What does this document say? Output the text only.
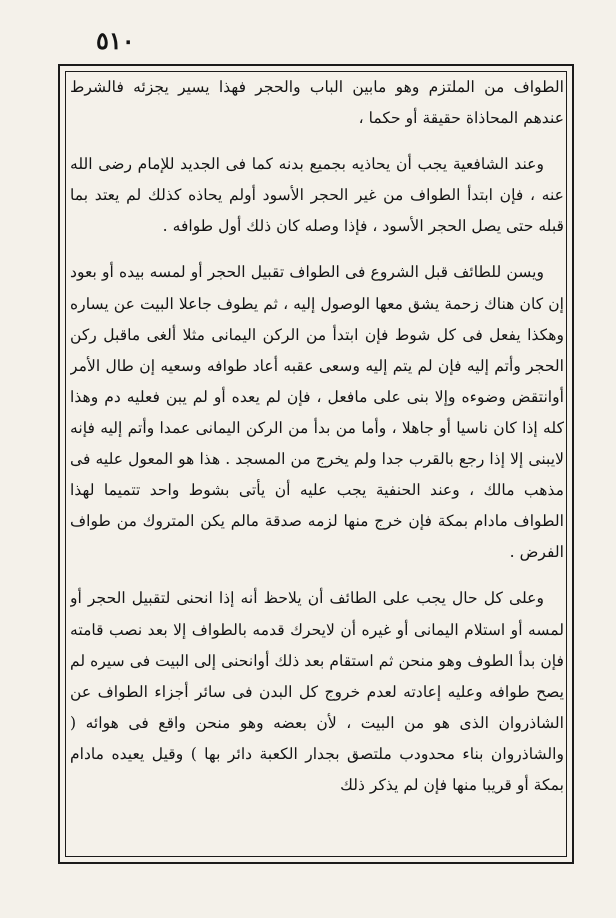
٥١٠

الطواف من الملتزم وهو مابين الباب والحجر فهذا يسير يجزئه فالشرط عندهم المحاذاة حقيقة أو حكما ،

وعند الشافعية يجب أن يحاذيه بجميع بدنه كما فى الجديد للإمام رضى الله عنه ، فإن ابتدأ الطواف من غير الحجر الأسود أولم يحاذه كذلك لم يعتد بما قبله حتى يصل الحجر الأسود ، فإذا وصله كان ذلك أول طوافه .

ويسن للطائف قبل الشروع فى الطواف تقبيل الحجر أو لمسه بيده أو بعود إن كان هناك زحمة يشق معها الوصول إليه ، ثم يطوف جاعلا البيت عن يساره وهكذا يفعل فى كل شوط فإن ابتدأ من الركن اليمانى مثلا ألغى ماقبل ركن الحجر وأتم إليه فإن لم يتم إليه وسعى عقبه أعاد طوافه وسعيه إن طال الأمر أوانتقض وضوءه وإلا بنى على مافعل ، فإن لم يعده أو لم يبن فعليه دم وهذا كله إذا كان ناسيا أو جاهلا ، وأما من بدأ من الركن اليمانى عمدا وأتم إليه فإنه لايبنى إلا إذا رجع بالقرب جدا ولم يخرج من المسجد . هذا هو المعول عليه فى مذهب مالك ، وعند الحنفية يجب عليه أن يأتى بشوط واحد تتميما لهذا الطواف مادام بمكة فإن خرج منها لزمه صدقة مالم يكن المتروك من طواف الفرض .

وعلى كل حال يجب على الطائف أن يلاحظ أنه إذا انحنى لتقبيل الحجر أو لمسه أو استلام اليمانى أو غيره أن لايحرك قدمه بالطواف إلا بعد نصب قامته فإن بدأ الطوف وهو منحن ثم استقام بعد ذلك أوانحنى إلى البيت فى سيره لم يصح طوافه وعليه إعادته لعدم خروج كل البدن فى سائر أجزاء الطواف عن الشاذروان الذى هو من البيت ، لأن بعضه وهو منحن واقع فى هوائه ( والشاذروان بناء محدودب ملتصق بجدار الكعبة دائر بها ) وقيل يعيده مادام بمكة أو قريبا منها فإن لم يذكر ذلك
